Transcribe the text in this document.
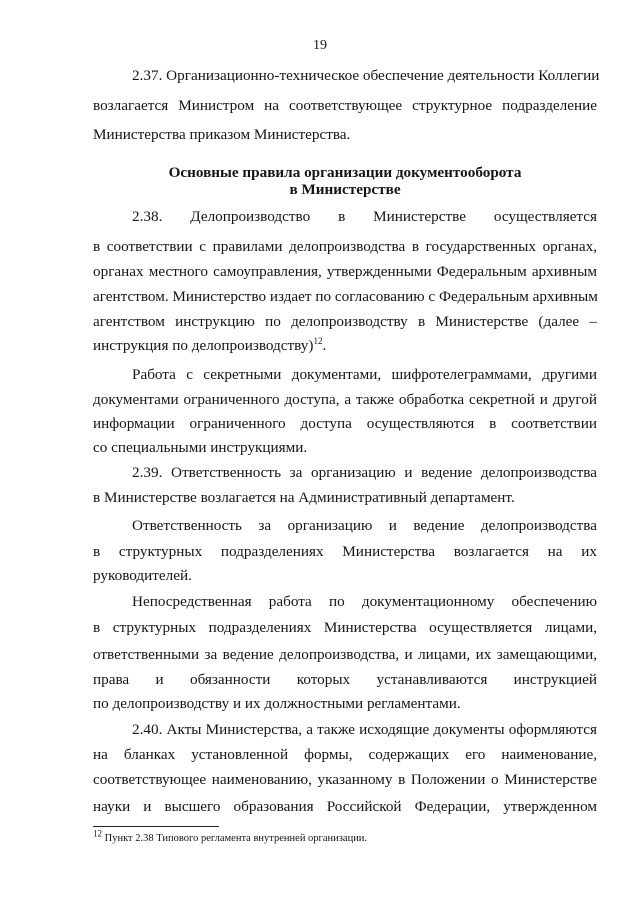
19
2.37. Организационно-техническое обеспечение деятельности Коллегии
возлагается Министром на соответствующее структурное подразделение
Министерства приказом Министерства.
Основные правила организации документооборота
в Министерстве
2.38. Делопроизводство в Министерстве осуществляется
в соответствии с правилами делопроизводства в государственных органах,
органах местного самоуправления, утвержденными Федеральным архивным
агентством. Министерство издает по согласованию с Федеральным архивным
агентством инструкцию по делопроизводству в Министерстве (далее –
инструкция по делопроизводству)$^{12}$.
Работа с секретными документами, шифротелеграммами, другими
документами ограниченного доступа, а также обработка секретной и другой
информации ограниченного доступа осуществляются в соответствии
со специальными инструкциями.
2.39. Ответственность за организацию и ведение делопроизводства
в Министерстве возлагается на Административный департамент.
Ответственность за организацию и ведение делопроизводства
в структурных подразделениях Министерства возлагается на их
руководителей.
Непосредственная работа по документационному обеспечению
в структурных подразделениях Министерства осуществляется лицами,
ответственными за ведение делопроизводства, и лицами, их замещающими,
права и обязанности которых устанавливаются инструкцией
по делопроизводству и их должностными регламентами.
2.40. Акты Министерства, а также исходящие документы оформляются
на бланках установленной формы, содержащих его наименование,
соответствующее наименованию, указанному в Положении о Министерстве
науки и высшего образования Российской Федерации, утвержденном
$^{12}$ Пункт 2.38 Типового регламента внутренней организации.
